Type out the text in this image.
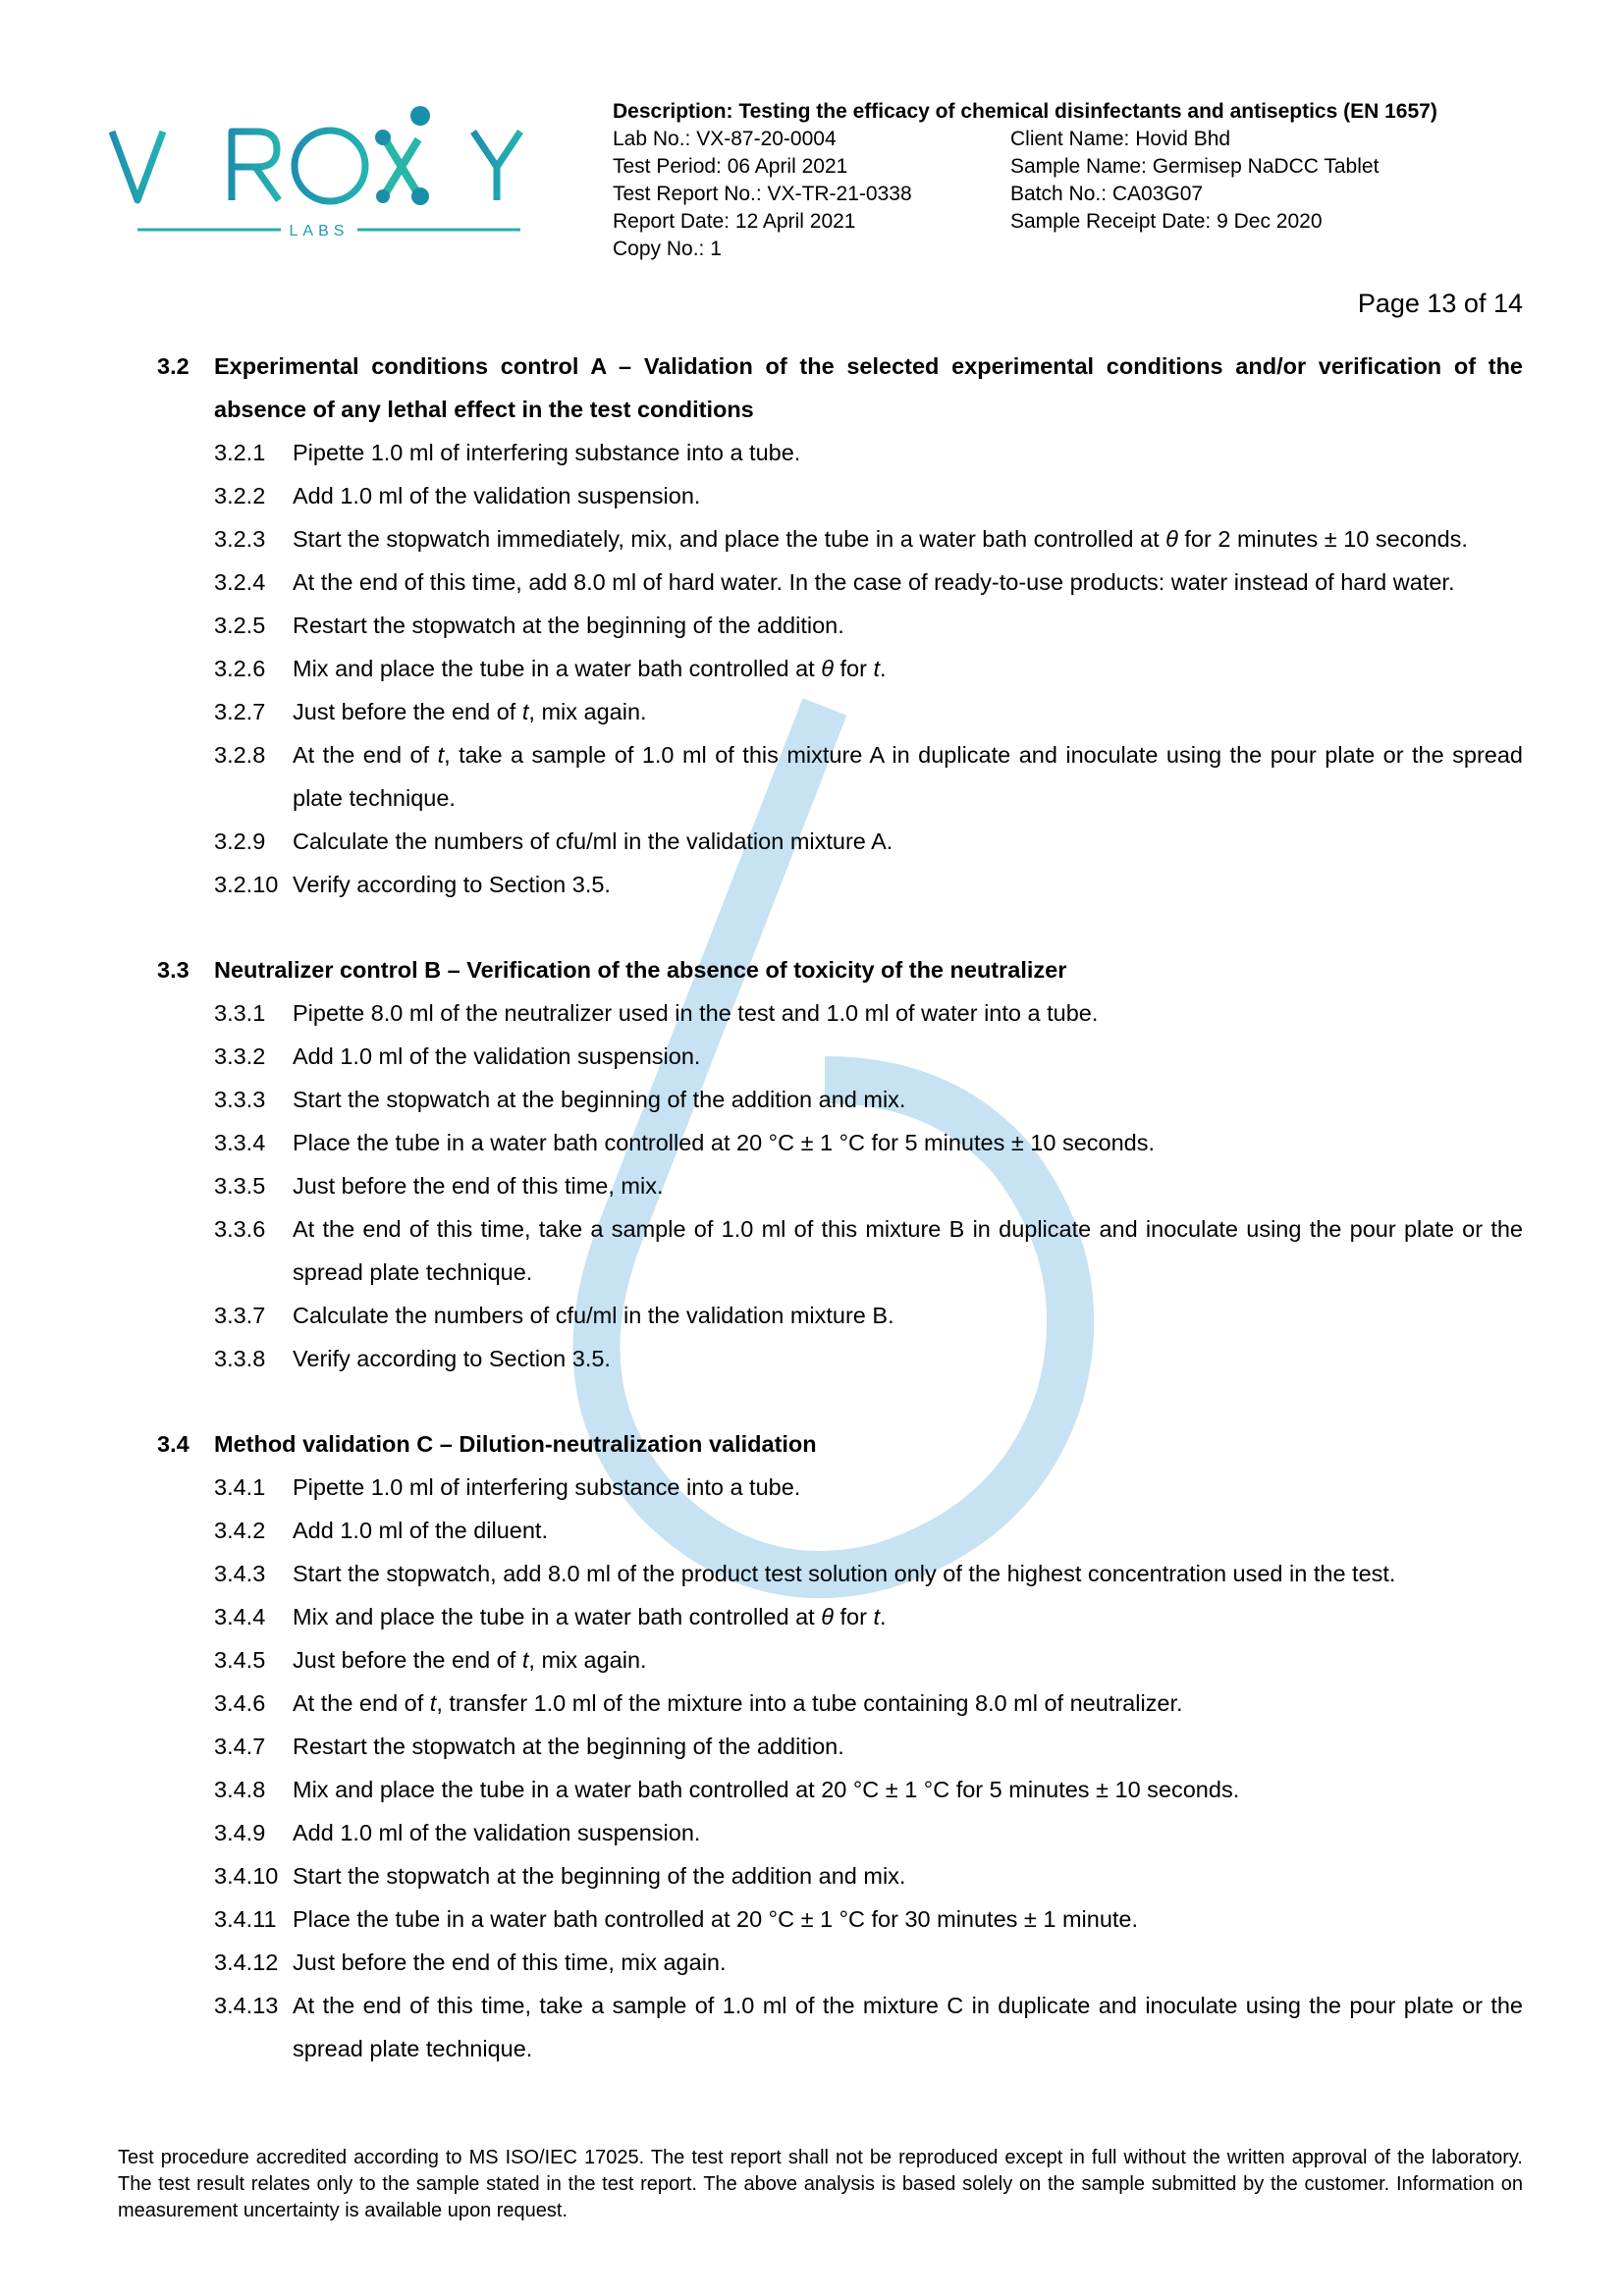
LABS
Description: Testing the efficacy of chemical disinfectants and antiseptics (EN 1657)
Lab No.: VX-87-20-0004	Client Name: Hovid Bhd
Test Period: 06 April 2021	Sample Name: Germisep NaDCC Tablet
Test Report No.: VX-TR-21-0338	Batch No.: CA03G07
Report Date: 12 April 2021	Sample Receipt Date: 9 Dec 2020
Copy No.: 1
Page 13 of 14
3.2	Experimental conditions control A – Validation of the selected experimental conditions and/or verification of the absence of any lethal effect in the test conditions
3.2.1	Pipette 1.0 ml of interfering substance into a tube.
3.2.2	Add 1.0 ml of the validation suspension.
3.2.3	Start the stopwatch immediately, mix, and place the tube in a water bath controlled at θ for 2 minutes ± 10 seconds.
3.2.4	At the end of this time, add 8.0 ml of hard water. In the case of ready-to-use products: water instead of hard water.
3.2.5	Restart the stopwatch at the beginning of the addition.
3.2.6	Mix and place the tube in a water bath controlled at θ for t.
3.2.7	Just before the end of t, mix again.
3.2.8	At the end of t, take a sample of 1.0 ml of this mixture A in duplicate and inoculate using the pour plate or the spread plate technique.
3.2.9	Calculate the numbers of cfu/ml in the validation mixture A.
3.2.10 Verify according to Section 3.5.
3.3	Neutralizer control B – Verification of the absence of toxicity of the neutralizer
3.3.1	Pipette 8.0 ml of the neutralizer used in the test and 1.0 ml of water into a tube.
3.3.2	Add 1.0 ml of the validation suspension.
3.3.3	Start the stopwatch at the beginning of the addition and mix.
3.3.4	Place the tube in a water bath controlled at 20 °C ± 1 °C for 5 minutes ± 10 seconds.
3.3.5	Just before the end of this time, mix.
3.3.6	At the end of this time, take a sample of 1.0 ml of this mixture B in duplicate and inoculate using the pour plate or the spread plate technique.
3.3.7	Calculate the numbers of cfu/ml in the validation mixture B.
3.3.8	Verify according to Section 3.5.
3.4	Method validation C – Dilution-neutralization validation
3.4.1	Pipette 1.0 ml of interfering substance into a tube.
3.4.2	Add 1.0 ml of the diluent.
3.4.3	Start the stopwatch, add 8.0 ml of the product test solution only of the highest concentration used in the test.
3.4.4	Mix and place the tube in a water bath controlled at θ for t.
3.4.5	Just before the end of t, mix again.
3.4.6	At the end of t, transfer 1.0 ml of the mixture into a tube containing 8.0 ml of neutralizer.
3.4.7	Restart the stopwatch at the beginning of the addition.
3.4.8	Mix and place the tube in a water bath controlled at 20 °C ± 1 °C for 5 minutes ± 10 seconds.
3.4.9	Add 1.0 ml of the validation suspension.
3.4.10 Start the stopwatch at the beginning of the addition and mix.
3.4.11 Place the tube in a water bath controlled at 20 °C ± 1 °C for 30 minutes ± 1 minute.
3.4.12 Just before the end of this time, mix again.
3.4.13 At the end of this time, take a sample of 1.0 ml of the mixture C in duplicate and inoculate using the pour plate or the spread plate technique.
Test procedure accredited according to MS ISO/IEC 17025. The test report shall not be reproduced except in full without the written approval of the laboratory. The test result relates only to the sample stated in the test report. The above analysis is based solely on the sample submitted by the customer. Information on measurement uncertainty is available upon request.
